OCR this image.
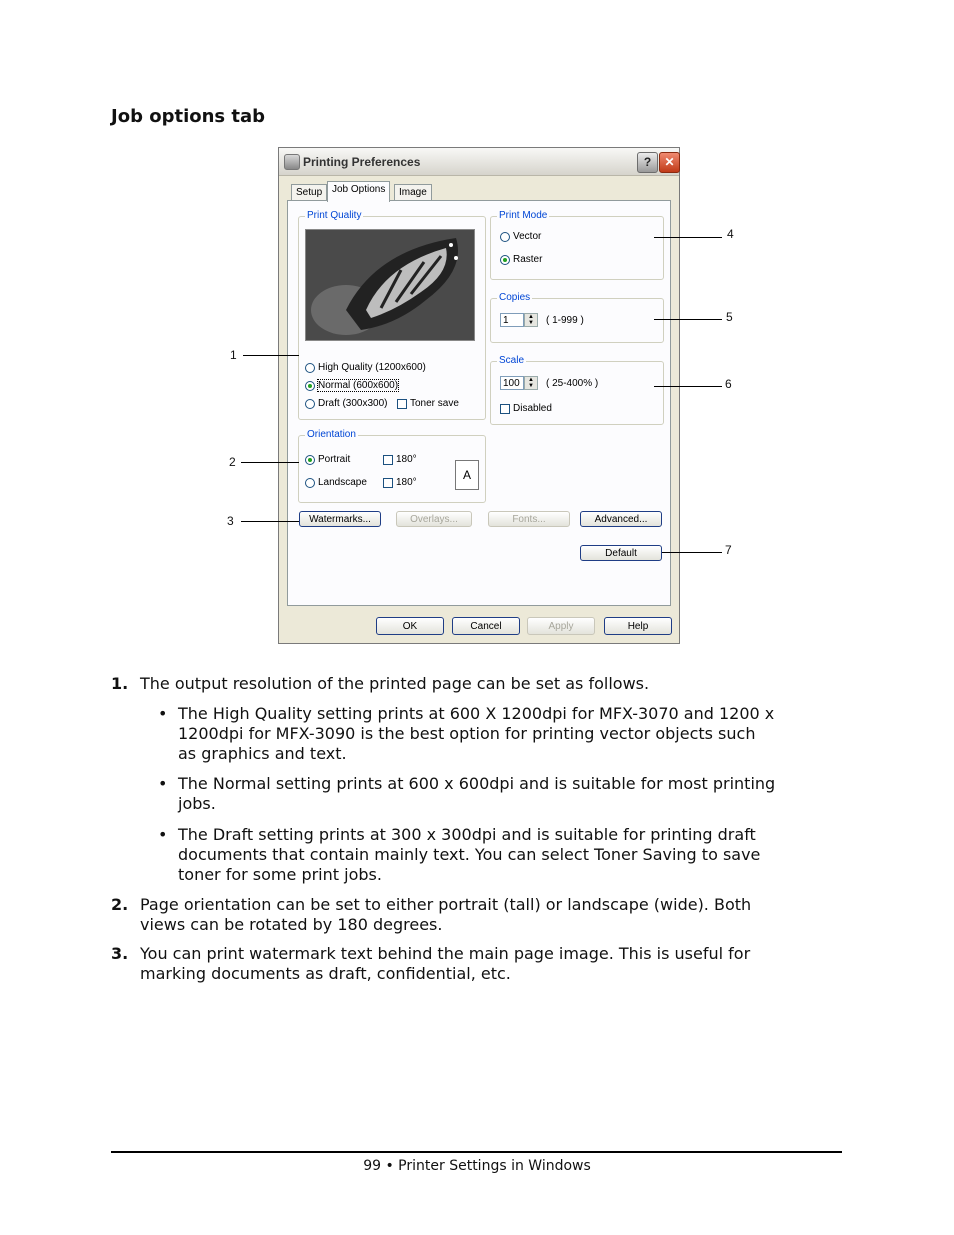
Job options tab
Printing Preferences	?	✕
Setup Job Options	Image
Print Quality
High Quality (1200x600)
Normal (600x600)
Draft (300x300) Toner save
Print Mode
Vector
Raster
Copies
1	▲
▼	( 1-999 )
Scale
100	▲
▼	( 25-400% )
Disabled
Orientation
Portrait	180°
Landscape	180°
A
Watermarks...	Overlays...	Fonts...	Advanced...
Default
OK	Cancel	Apply	Help
1
2
3
4
5
6
7
1. The output resolution of the printed page can be set as follows.
• The High Quality setting prints at 600 X 1200dpi for MFX-3070 and 1200 x
1200dpi for MFX-3090 is the best option for printing vector objects such
as graphics and text.
• The Normal setting prints at 600 x 600dpi and is suitable for most printing
jobs.
• The Draft setting prints at 300 x 300dpi and is suitable for printing draft
documents that contain mainly text. You can select Toner Saving to save
toner for some print jobs.
2. Page orientation can be set to either portrait (tall) or landscape (wide). Both
views can be rotated by 180 degrees.
3. You can print watermark text behind the main page image. This is useful for
marking documents as draft, confidential, etc.
99 • Printer Settings in Windows
